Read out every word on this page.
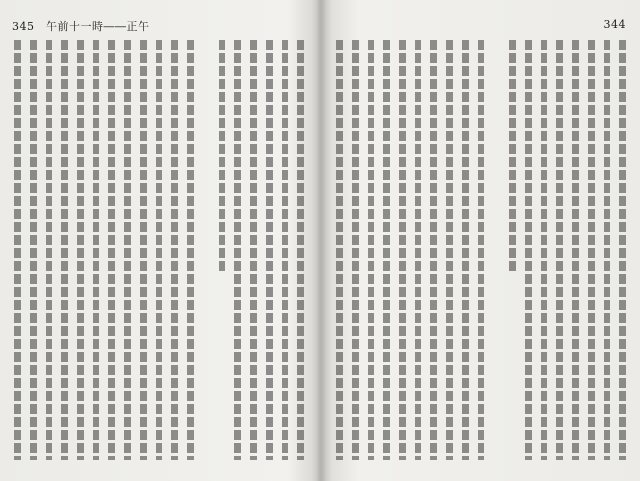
345　午前十一時――正午	344
